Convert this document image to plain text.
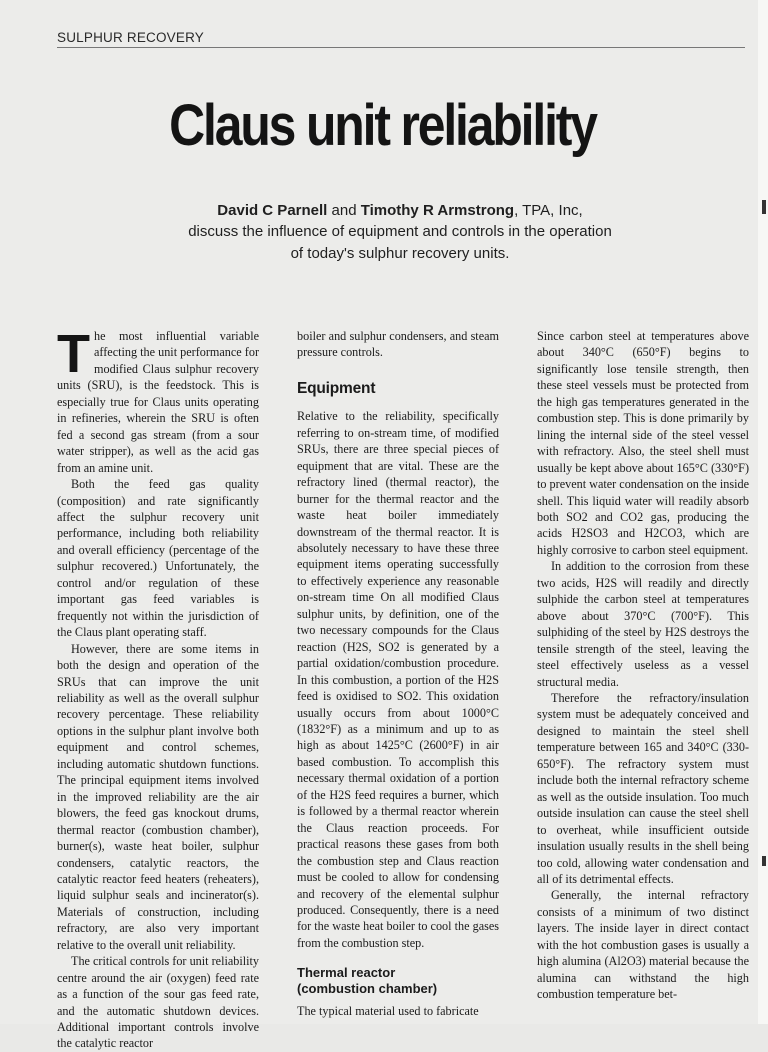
SULPHUR RECOVERY
Claus unit reliability
David C Parnell and Timothy R Armstrong, TPA, Inc,
discuss the influence of equipment and controls in the operation
of today's sulphur recovery units.

The most influential variable affecting the unit performance for modified Claus sulphur recovery units (SRU), is the feedstock. This is especially true for Claus units operating in refineries, wherein the SRU is often fed a second gas stream (from a sour water stripper), as well as the acid gas from an amine unit.

Both the feed gas quality (composition) and rate significantly affect the sulphur recovery unit performance, including both reliability and overall efficiency (percentage of the sulphur recovered.) Unfortunately, the control and/or regulation of these important gas feed variables is frequently not within the jurisdiction of the Claus plant operating staff.

However, there are some items in both the design and operation of the SRUs that can improve the unit reliability as well as the overall sulphur recovery percentage. These reliability options in the sulphur plant involve both equipment and control schemes, including automatic shutdown functions. The principal equipment items involved in the improved reliability are the air blowers, the feed gas knockout drums, thermal reactor (combustion chamber), burner(s), waste heat boiler, sulphur condensers, catalytic reactors, the catalytic reactor feed heaters (reheaters), liquid sulphur seals and incinerator(s). Materials of construction, including refractory, are also very important relative to the overall unit reliability.

The critical controls for unit reliability centre around the air (oxygen) feed rate as a function of the sour gas feed rate, and the automatic shutdown devices. Additional important controls involve the catalytic reactor

boiler and sulphur condensers, and steam pressure controls.

Equipment

Relative to the reliability, specifically referring to on-stream time, of modified SRUs, there are three special pieces of equipment that are vital. These are the refractory lined (thermal reactor), the burner for the thermal reactor and the waste heat boiler immediately downstream of the thermal reactor. It is absolutely necessary to have these three equipment items operating successfully to effectively experience any reasonable on-stream time On all modified Claus sulphur units, by definition, one of the two necessary compounds for the Claus reaction (H2S, SO2 is generated by a partial oxidation/combustion procedure. In this combustion, a portion of the H2S feed is oxidised to SO2. This oxidation usually occurs from about 1000°C (1832°F) as a minimum and up to as high as about 1425°C (2600°F) in air based combustion. To accomplish this necessary thermal oxidation of a portion of the H2S feed requires a burner, which is followed by a thermal reactor wherein the Claus reaction proceeds. For practical reasons these gases from both the combustion step and Claus reaction must be cooled to allow for condensing and recovery of the elemental sulphur produced. Consequently, there is a need for the waste heat boiler to cool the gases from the combustion step.

Thermal reactor
(combustion chamber)

The typical material used to fabricate

Since carbon steel at temperatures above about 340°C (650°F) begins to significantly lose tensile strength, then these steel vessels must be protected from the high gas temperatures generated in the combustion step. This is done primarily by lining the internal side of the steel vessel with refractory. Also, the steel shell must usually be kept above about 165°C (330°F) to prevent water condensation on the inside shell. This liquid water will readily absorb both SO2 and CO2 gas, producing the acids H2SO3 and H2CO3, which are highly corrosive to carbon steel equipment.

In addition to the corrosion from these two acids, H2S will readily and directly sulphide the carbon steel at temperatures above about 370°C (700°F). This sulphiding of the steel by H2S destroys the tensile strength of the steel, leaving the steel effectively useless as a vessel structural media.

Therefore the refractory/insulation system must be adequately conceived and designed to maintain the steel shell temperature between 165 and 340°C (330-650°F). The refractory system must include both the internal refractory scheme as well as the outside insulation. Too much outside insulation can cause the steel shell to overheat, while insufficient outside insulation usually results in the shell being too cold, allowing water condensation and all of its detrimental effects.

Generally, the internal refractory consists of a minimum of two distinct layers. The inside layer in direct contact with the hot combustion gases is usually a high alumina (Al2O3) material because the alumina can withstand the high combustion temperature bet-
